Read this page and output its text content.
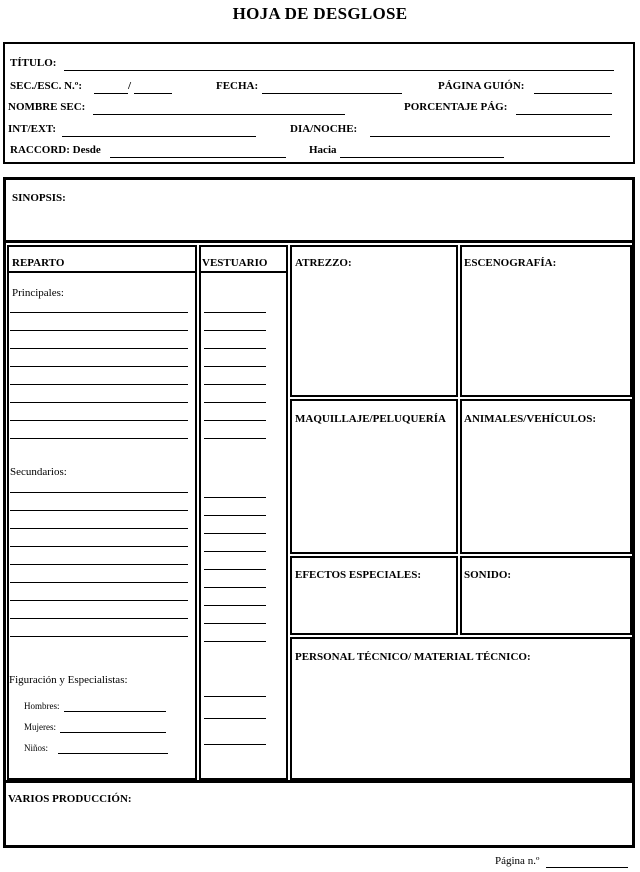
HOJA DE DESGLOSE
TÍTULO:
SEC./ESC. N.º:	/	FECHA:	PÁGINA GUIÓN:
NOMBRE SEC:	PORCENTAJE PÁG:
INT/EXT:	DIA/NOCHE:
RACCORD: Desde	Hacia
SINOPSIS:
REPARTO
Principales:
Secundarios:
Figuración y Especialistas:
Hombres:
Mujeres:
Niños:
VESTUARIO	ATREZZO:	ESCENOGRAFÍA:
MAQUILLAJE/PELUQUERÍA ANIMALES/VEHÍCULOS:
EFECTOS ESPECIALES:	SONIDO:
PERSONAL TÉCNICO/ MATERIAL TÉCNICO:
VARIOS PRODUCCIÓN:
Página n.º
